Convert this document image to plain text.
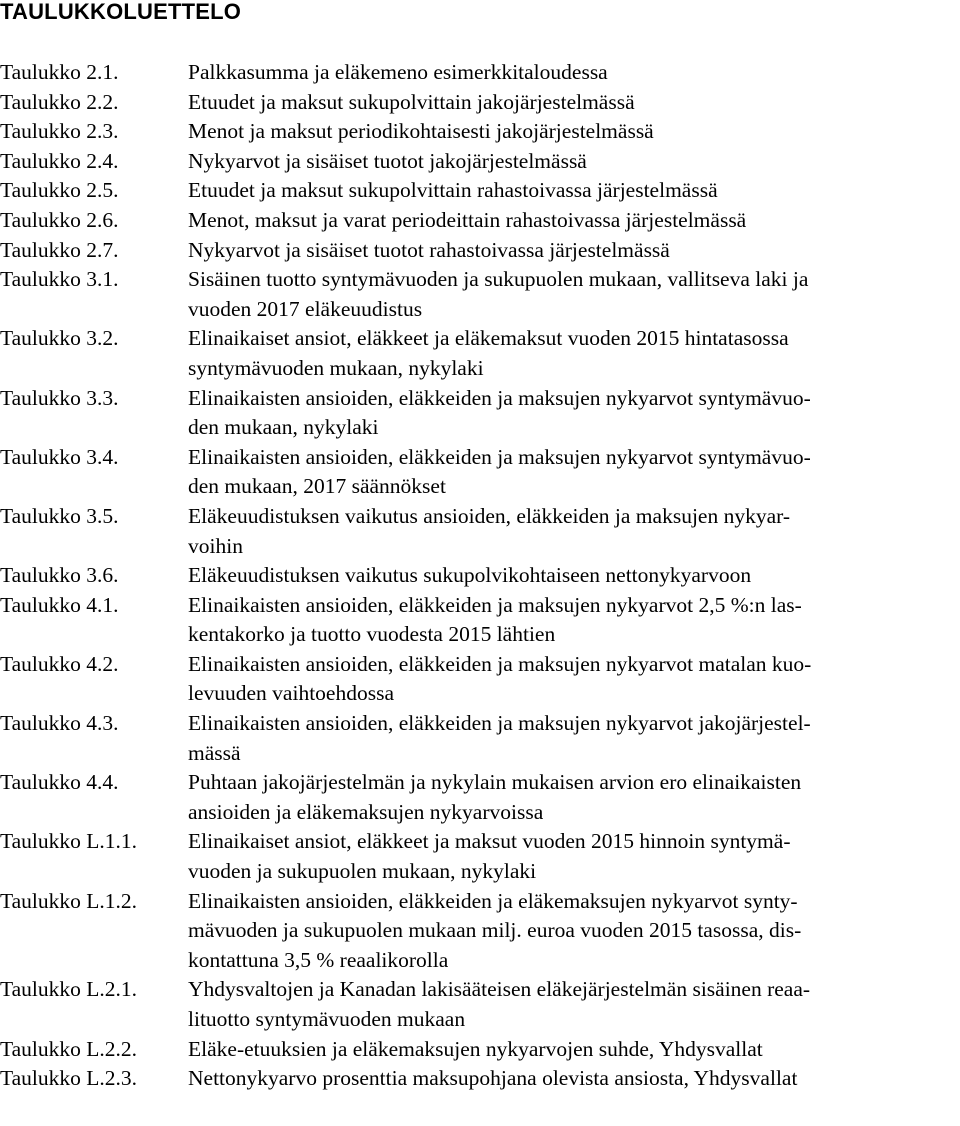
TAULUKKOLUETTELO
Taulukko 2.1.	Palkkasumma ja eläkemeno esimerkkitaloudessa
Taulukko 2.2.	Etuudet ja maksut sukupolvittain jakojärjestelmässä
Taulukko 2.3.	Menot ja maksut periodikohtaisesti jakojärjestelmässä
Taulukko 2.4.	Nykyarvot ja sisäiset tuotot jakojärjestelmässä
Taulukko 2.5.	Etuudet ja maksut sukupolvittain rahastoivassa järjestelmässä
Taulukko 2.6.	Menot, maksut ja varat periodeittain rahastoivassa järjestelmässä
Taulukko 2.7.	Nykyarvot ja sisäiset tuotot rahastoivassa järjestelmässä
Taulukko 3.1.	Sisäinen tuotto syntymävuoden ja sukupuolen mukaan, vallitseva laki ja
vuoden 2017 eläkeuudistus
Taulukko 3.2.	Elinaikaiset ansiot, eläkkeet ja eläkemaksut vuoden 2015 hintatasossa
syntymävuoden mukaan, nykylaki
Taulukko 3.3.	Elinaikaisten ansioiden, eläkkeiden ja maksujen nykyarvot syntymävuo-
den mukaan, nykylaki
Taulukko 3.4.	Elinaikaisten ansioiden, eläkkeiden ja maksujen nykyarvot syntymävuo-
den mukaan, 2017 säännökset
Taulukko 3.5.	Eläkeuudistuksen vaikutus ansioiden, eläkkeiden ja maksujen nykyar-
voihin
Taulukko 3.6.	Eläkeuudistuksen vaikutus sukupolvikohtaiseen nettonykyarvoon
Taulukko 4.1.	Elinaikaisten ansioiden, eläkkeiden ja maksujen nykyarvot 2,5 %:n las-
kentakorko ja tuotto vuodesta 2015 lähtien
Taulukko 4.2.	Elinaikaisten ansioiden, eläkkeiden ja maksujen nykyarvot matalan kuo-
levuuden vaihtoehdossa
Taulukko 4.3.	Elinaikaisten ansioiden, eläkkeiden ja maksujen nykyarvot jakojärjestel-
mässä
Taulukko 4.4.	Puhtaan jakojärjestelmän ja nykylain mukaisen arvion ero elinaikaisten
ansioiden ja eläkemaksujen nykyarvoissa
Taulukko L.1.1.	Elinaikaiset ansiot, eläkkeet ja maksut vuoden 2015 hinnoin syntymä-
vuoden ja sukupuolen mukaan, nykylaki
Taulukko L.1.2.	Elinaikaisten ansioiden, eläkkeiden ja eläkemaksujen nykyarvot synty-
mävuoden ja sukupuolen mukaan milj. euroa vuoden 2015 tasossa, dis-
kontattuna 3,5 % reaalikorolla
Taulukko L.2.1.	Yhdysvaltojen ja Kanadan lakisääteisen eläkejärjestelmän sisäinen reaa-
lituotto syntymävuoden mukaan
Taulukko L.2.2.	Eläke-etuuksien ja eläkemaksujen nykyarvojen suhde, Yhdysvallat
Taulukko L.2.3.	Nettonykyarvo prosenttia maksupohjana olevista ansiosta, Yhdysvallat
